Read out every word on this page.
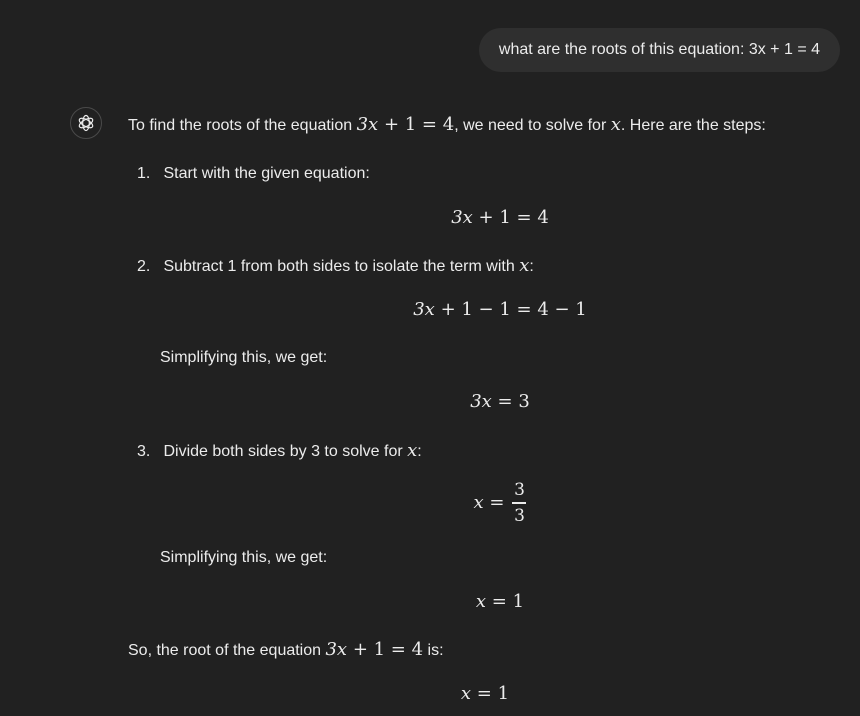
what are the roots of this equation: 3x + 1 = 4
To find the roots of the equation 3x + 1 = 4, we need to solve for x. Here are the steps:
1. Start with the given equation:
3x + 1 = 4
2. Subtract 1 from both sides to isolate the term with x:
3x + 1 − 1 = 4 − 1
Simplifying this, we get:
3x = 3
3. Divide both sides by 3 to solve for x:
$x = \frac{3}{3}$
Simplifying this, we get:
x = 1
So, the root of the equation 3x + 1 = 4 is:
x = 1
